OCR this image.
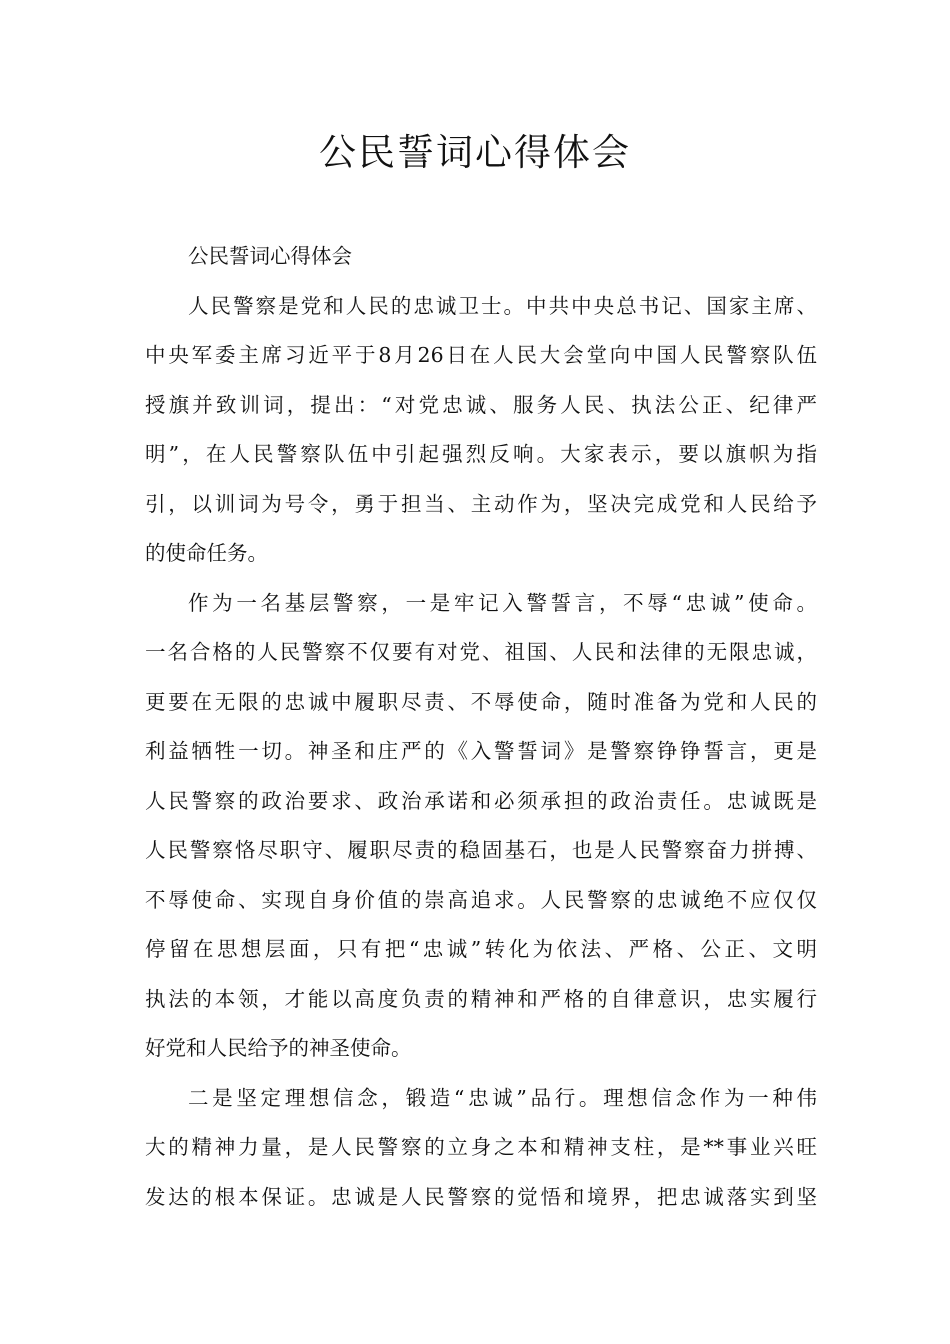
公民誓词心得体会
公民誓词心得体会
人民警察是党和人民的忠诚卫士。中共中央总书记、国家主席、
中央军委主席习近平于8月26日在人民大会堂向中国人民警察队伍
授旗并致训词，提出：“对党忠诚、服务人民、执法公正、纪律严
明”，在人民警察队伍中引起强烈反响。大家表示，要以旗帜为指
引，以训词为号令，勇于担当、主动作为，坚决完成党和人民给予
的使命任务。
作为一名基层警察，一是牢记入警誓言，不辱“忠诚”使命。
一名合格的人民警察不仅要有对党、祖国、人民和法律的无限忠诚，
更要在无限的忠诚中履职尽责、不辱使命，随时准备为党和人民的
利益牺牲一切。神圣和庄严的《入警誓词》是警察铮铮誓言，更是
人民警察的政治要求、政治承诺和必须承担的政治责任。忠诚既是
人民警察恪尽职守、履职尽责的稳固基石，也是人民警察奋力拼搏、
不辱使命、实现自身价值的崇高追求。人民警察的忠诚绝不应仅仅
停留在思想层面，只有把“忠诚”转化为依法、严格、公正、文明
执法的本领，才能以高度负责的精神和严格的自律意识，忠实履行
好党和人民给予的神圣使命。
二是坚定理想信念，锻造“忠诚”品行。理想信念作为一种伟
大的精神力量，是人民警察的立身之本和精神支柱，是**事业兴旺
发达的根本保证。忠诚是人民警察的觉悟和境界，把忠诚落实到坚
